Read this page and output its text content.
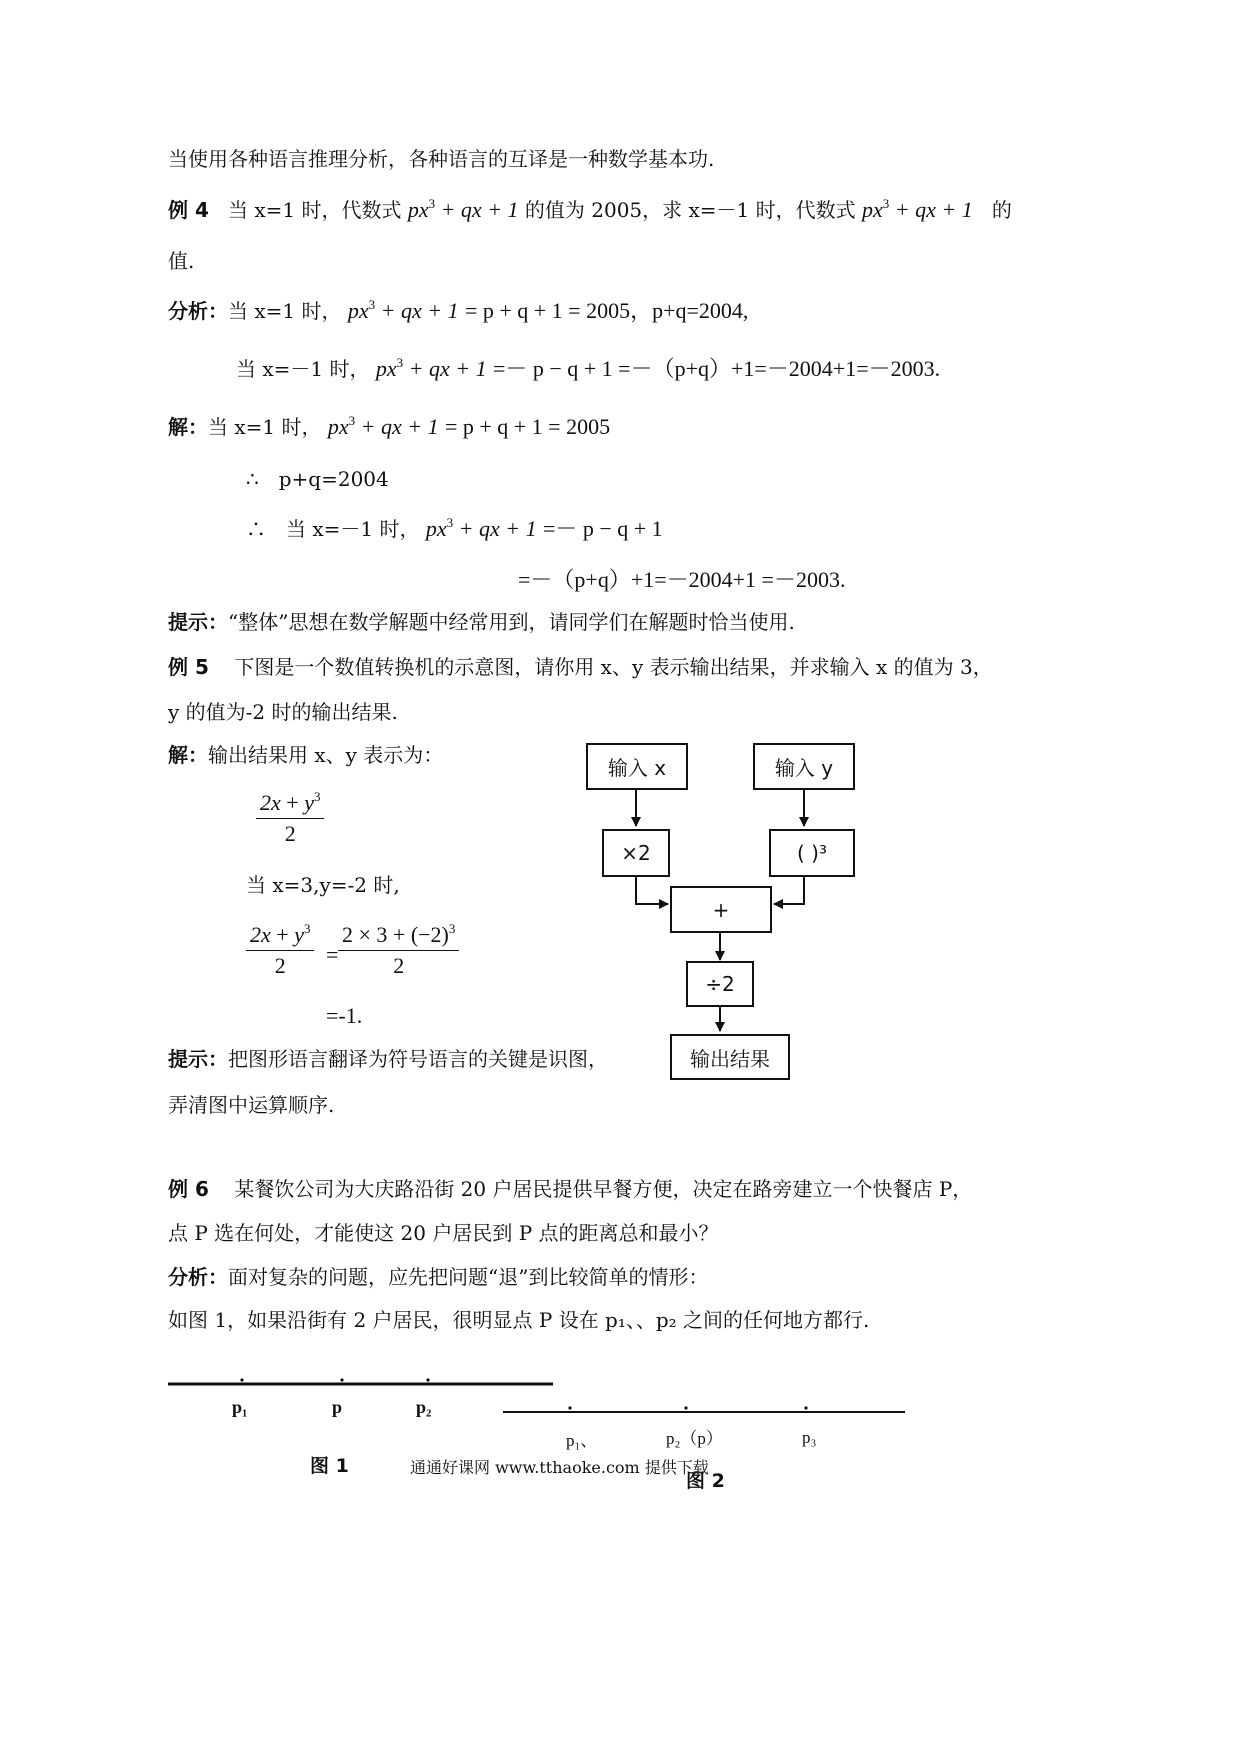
当使用各种语言推理分析，各种语言的互译是一种数学基本功.
例 4 当 x=1 时，代数式 $px^3$ + qx + 1 的值为 2005，求 x=－1 时，代数式 $px^3$ + qx + 1 的
值.
分析：当 x=1 时， $px^3$ + qx + 1 = p + q + 1 = 2005，p+q=2004,
当 x=－1 时， $px^3$ + qx + 1 =－ p − q + 1 =－（p+q）+1=－2004+1=－2003.
解：当 x=1 时， $px^3$ + qx + 1 = p + q + 1 = 2005
∴　p+q=2004
∴　当 x=－1 时， $px^3$ + qx + 1 =－ p − q + 1
=－（p+q）+1=－2004+1 =－2003.
提示：“整体”思想在数学解题中经常用到，请同学们在解题时恰当使用.
例 5 下图是一个数值转换机的示意图，请你用 x、y 表示输出结果，并求输入 x 的值为 3，
y 的值为-2 时的输出结果.
解：输出结果用 x、y 表示为：
$\frac{2x + y^3}{2}$
当 x=3,y=-2 时,
$\frac{2x + y^3}{2} = \frac{2 \times 3 + (-2)^3}{2}$
=-1.
提示：把图形语言翻译为符号语言的关键是识图，
弄清图中运算顺序.
输入 x	输入 y
×2	( )³
+
÷2
输出结果
例 6 某餐饮公司为大庆路沿街 20 户居民提供早餐方便，决定在路旁建立一个快餐店 P，
点 P 选在何处，才能使这 20 户居民到 P 点的距离总和最小？
分析：面对复杂的问题，应先把问题“退”到比较简单的情形：
如图 1，如果沿街有 2 户居民，很明显点 P 设在 p₁、、p₂ 之间的任何地方都行.
p₁	p	p₂
p₁、	p₂（p）	p₃
图 1
图 2
通通好课网 www.tthaoke.com 提供下载
